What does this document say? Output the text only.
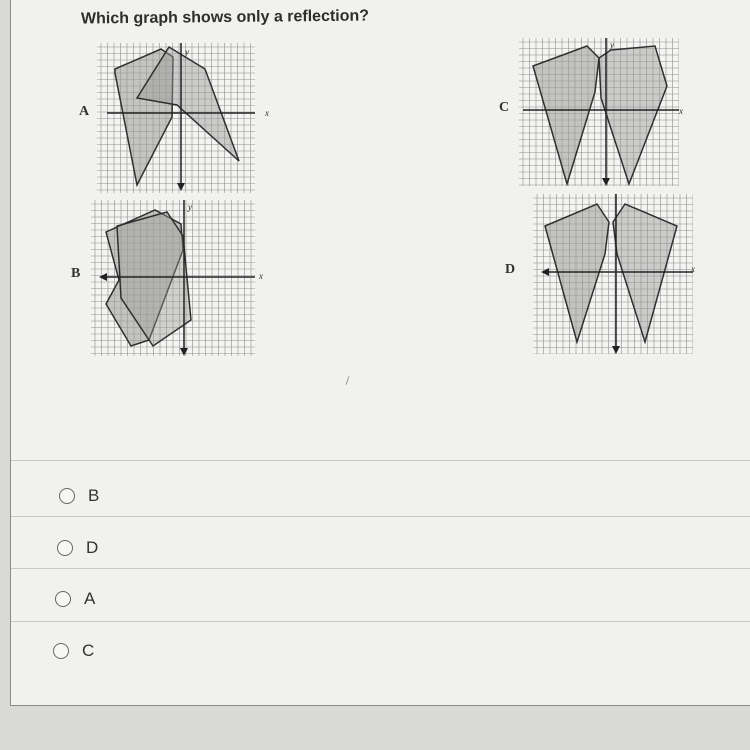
Which graph shows only a reflection?
A
y
x
B
y
x
C
y
x
D	x
B
D
A
C
